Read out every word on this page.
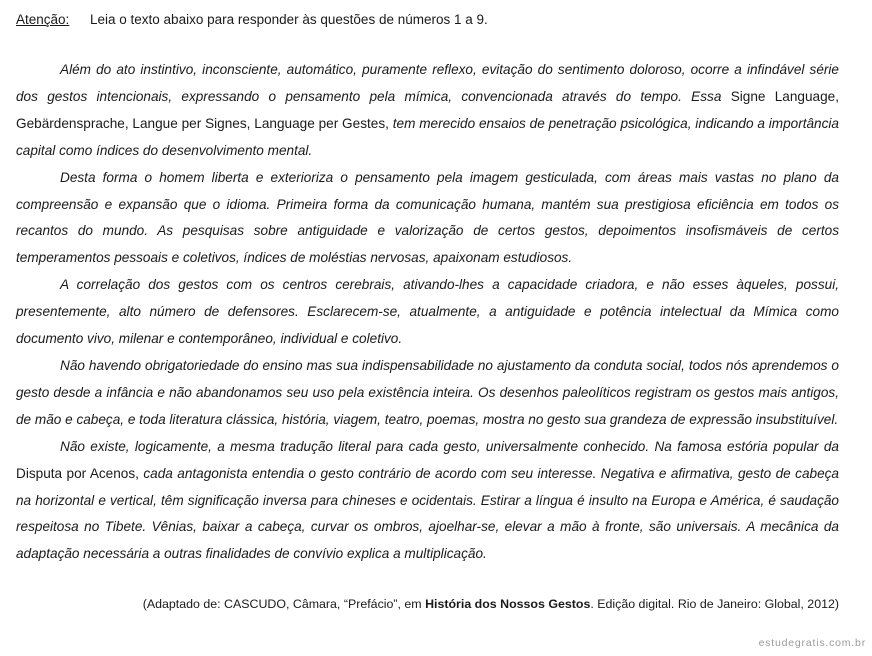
Atenção: Leia o texto abaixo para responder às questões de números 1 a 9.

Além do ato instintivo, inconsciente, automático, puramente reflexo, evitação do sentimento doloroso, ocorre a infindável série dos gestos intencionais, expressando o pensamento pela mímica, convencionada através do tempo. Essa Signe Language, Gebärdensprache, Langue per Signes, Language per Gestes, tem merecido ensaios de penetração psicológica, indicando a importância capital como índices do desenvolvimento mental.

Desta forma o homem liberta e exterioriza o pensamento pela imagem gesticulada, com áreas mais vastas no plano da compreensão e expansão que o idioma. Primeira forma da comunicação humana, mantém sua prestigiosa eficiência em todos os recantos do mundo. As pesquisas sobre antiguidade e valorização de certos gestos, depoimentos insofismáveis de certos temperamentos pessoais e coletivos, índices de moléstias nervosas, apaixonam estudiosos.

A correlação dos gestos com os centros cerebrais, ativando-lhes a capacidade criadora, e não esses àqueles, possui, presentemente, alto número de defensores. Esclarecem-se, atualmente, a antiguidade e potência intelectual da Mímica como documento vivo, milenar e contemporâneo, individual e coletivo.

Não havendo obrigatoriedade do ensino mas sua indispensabilidade no ajustamento da conduta social, todos nós aprendemos o gesto desde a infância e não abandonamos seu uso pela existência inteira. Os desenhos paleolíticos registram os gestos mais antigos, de mão e cabeça, e toda literatura clássica, história, viagem, teatro, poemas, mostra no gesto sua grandeza de expressão insubstituível.

Não existe, logicamente, a mesma tradução literal para cada gesto, universalmente conhecido. Na famosa estória popular da Disputa por Acenos, cada antagonista entendia o gesto contrário de acordo com seu interesse. Negativa e afirmativa, gesto de cabeça na horizontal e vertical, têm significação inversa para chineses e ocidentais. Estirar a língua é insulto na Europa e América, é saudação respeitosa no Tibete. Vênias, baixar a cabeça, curvar os ombros, ajoelhar-se, elevar a mão à fronte, são universais. A mecânica da adaptação necessária a outras finalidades de convívio explica a multiplicação.

(Adaptado de: CASCUDO, Câmara, “Prefácio”, em História dos Nossos Gestos. Edição digital. Rio de Janeiro: Global, 2012)
estudegratis.com.br
